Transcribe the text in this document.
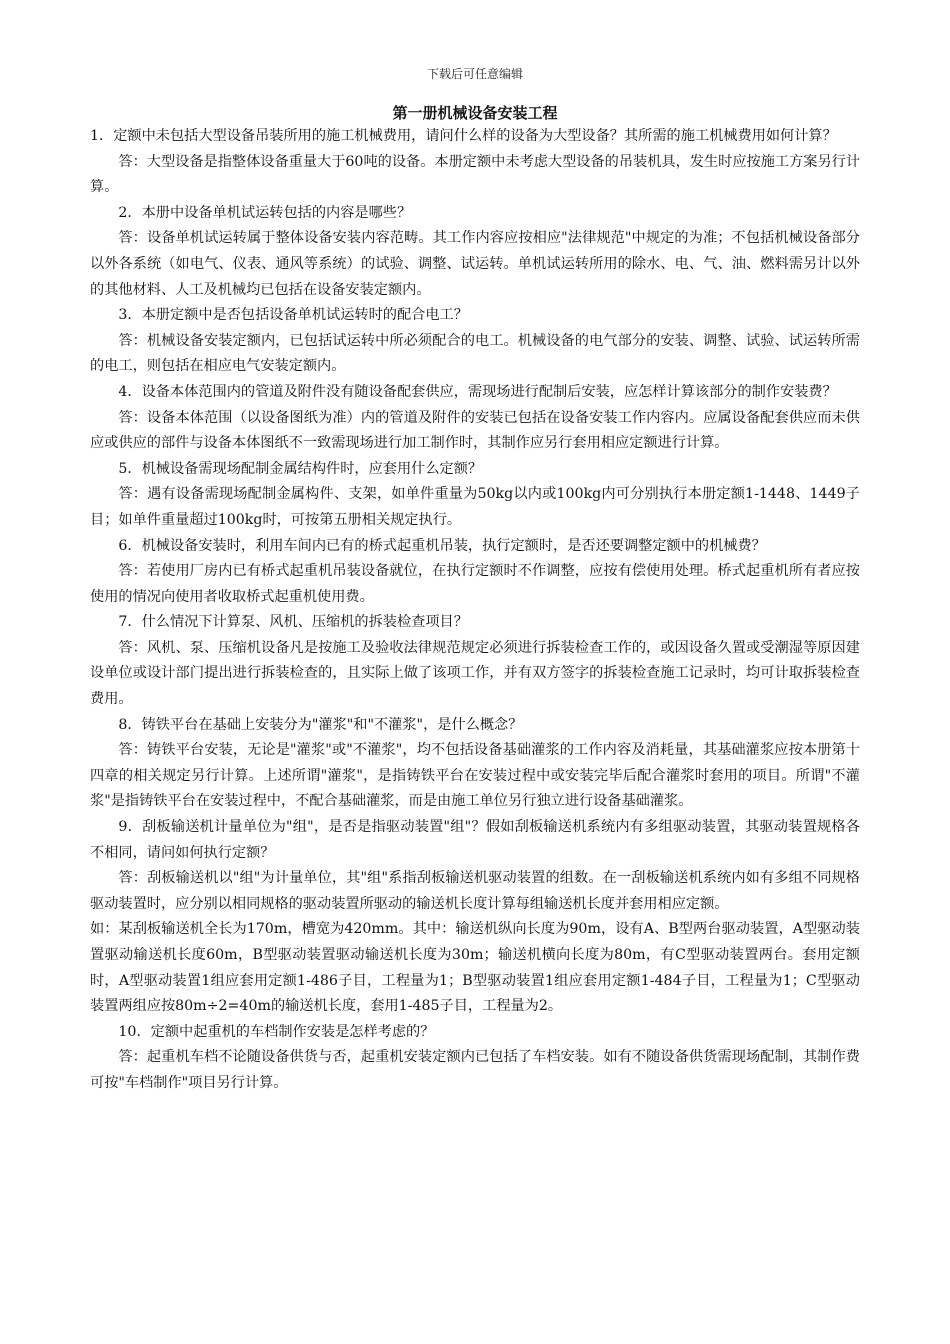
下载后可任意编辑
第一册机械设备安装工程

1．定额中未包括大型设备吊装所用的施工机械费用，请问什么样的设备为大型设备？其所需的施工机械费用如何计算？

答：大型设备是指整体设备重量大于60吨的设备。本册定额中未考虑大型设备的吊装机具，发生时应按施工方案另行计算。

2．本册中设备单机试运转包括的内容是哪些？

答：设备单机试运转属于整体设备安装内容范畴。其工作内容应按相应"法律规范"中规定的为准；不包括机械设备部分以外各系统（如电气、仪表、通风等系统）的试验、调整、试运转。单机试运转所用的除水、电、气、油、燃料需另计以外的其他材料、人工及机械均已包括在设备安装定额内。

3．本册定额中是否包括设备单机试运转时的配合电工？

答：机械设备安装定额内，已包括试运转中所必须配合的电工。机械设备的电气部分的安装、调整、试验、试运转所需的电工，则包括在相应电气安装定额内。

4．设备本体范围内的管道及附件没有随设备配套供应，需现场进行配制后安装，应怎样计算该部分的制作安装费？

答：设备本体范围（以设备图纸为准）内的管道及附件的安装已包括在设备安装工作内容内。应属设备配套供应而未供应或供应的部件与设备本体图纸不一致需现场进行加工制作时，其制作应另行套用相应定额进行计算。

5．机械设备需现场配制金属结构件时，应套用什么定额？

答：遇有设备需现场配制金属构件、支架，如单件重量为50kg以内或100kg内可分别执行本册定额1-1448、1449子目；如单件重量超过100kg时，可按第五册相关规定执行。

6．机械设备安装时，利用车间内已有的桥式起重机吊装，执行定额时，是否还要调整定额中的机械费？

答：若使用厂房内已有桥式起重机吊装设备就位，在执行定额时不作调整，应按有偿使用处理。桥式起重机所有者应按使用的情况向使用者收取桥式起重机使用费。

7．什么情况下计算泵、风机、压缩机的拆装检查项目？

答：风机、泵、压缩机设备凡是按施工及验收法律规范规定必须进行拆装检查工作的，或因设备久置或受潮湿等原因建设单位或设计部门提出进行拆装检查的，且实际上做了该项工作，并有双方签字的拆装检查施工记录时，均可计取拆装检查费用。

8．铸铁平台在基础上安装分为"灌浆"和"不灌浆"，是什么概念？

答：铸铁平台安装，无论是"灌浆"或"不灌浆"，均不包括设备基础灌浆的工作内容及消耗量，其基础灌浆应按本册第十四章的相关规定另行计算。上述所谓"灌浆"，是指铸铁平台在安装过程中或安装完毕后配合灌浆时套用的项目。所谓"不灌浆"是指铸铁平台在安装过程中，不配合基础灌浆，而是由施工单位另行独立进行设备基础灌浆。

9．刮板输送机计量单位为"组"，是否是指驱动装置"组"？假如刮板输送机系统内有多组驱动装置，其驱动装置规格各不相同，请问如何执行定额？

答：刮板输送机以"组"为计量单位，其"组"系指刮板输送机驱动装置的组数。在一刮板输送机系统内如有多组不同规格驱动装置时，应分别以相同规格的驱动装置所驱动的输送机长度计算每组输送机长度并套用相应定额。

如：某刮板输送机全长为170m，槽宽为420mm。其中：输送机纵向长度为90m，设有A、B型两台驱动装置，A型驱动装置驱动输送机长度60m，B型驱动装置驱动输送机长度为30m；输送机横向长度为80m，有C型驱动装置两台。套用定额时，A型驱动装置1组应套用定额1-486子目，工程量为1；B型驱动装置1组应套用定额1-484子目，工程量为1；C型驱动装置两组应按80m÷2=40m的输送机长度，套用1-485子目，工程量为2。

10．定额中起重机的车档制作安装是怎样考虑的？

答：起重机车档不论随设备供货与否，起重机安装定额内已包括了车档安装。如有不随设备供货需现场配制，其制作费可按"车档制作"项目另行计算。
